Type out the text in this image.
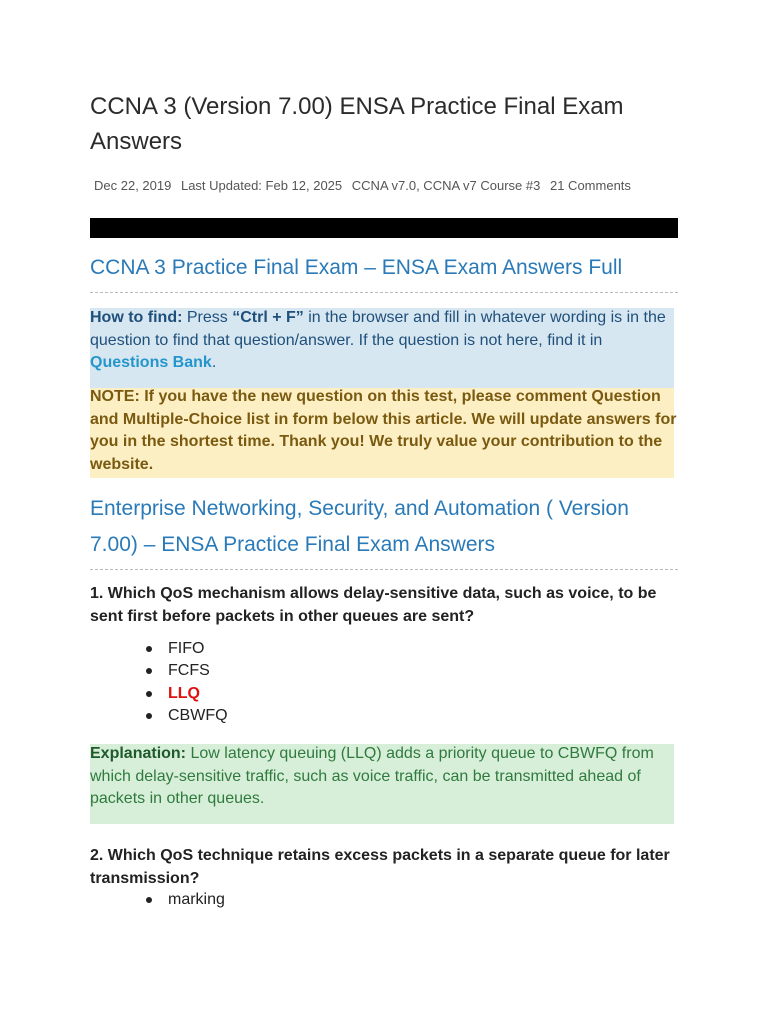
CCNA 3 (Version 7.00) ENSA Practice Final Exam Answers
Dec 22, 2019 Last Updated: Feb 12, 2025 CCNA v7.0, CCNA v7 Course #3 21 Comments
CCNA 3 Practice Final Exam – ENSA Exam Answers Full
How to find: Press “Ctrl + F” in the browser and fill in whatever wording is in the question to find that question/answer. If the question is not here, find it in Questions Bank.
NOTE: If you have the new question on this test, please comment Question and Multiple-Choice list in form below this article. We will update answers for you in the shortest time. Thank you! We truly value your contribution to the website.
Enterprise Networking, Security, and Automation ( Version 7.00) – ENSA Practice Final Exam Answers
1. Which QoS mechanism allows delay-sensitive data, such as voice, to be sent first before packets in other queues are sent?
FIFO
FCFS
LLQ
CBWFQ
Explanation: Low latency queuing (LLQ) adds a priority queue to CBWFQ from which delay-sensitive traffic, such as voice traffic, can be transmitted ahead of packets in other queues.
2. Which QoS technique retains excess packets in a separate queue for later transmission?
marking
